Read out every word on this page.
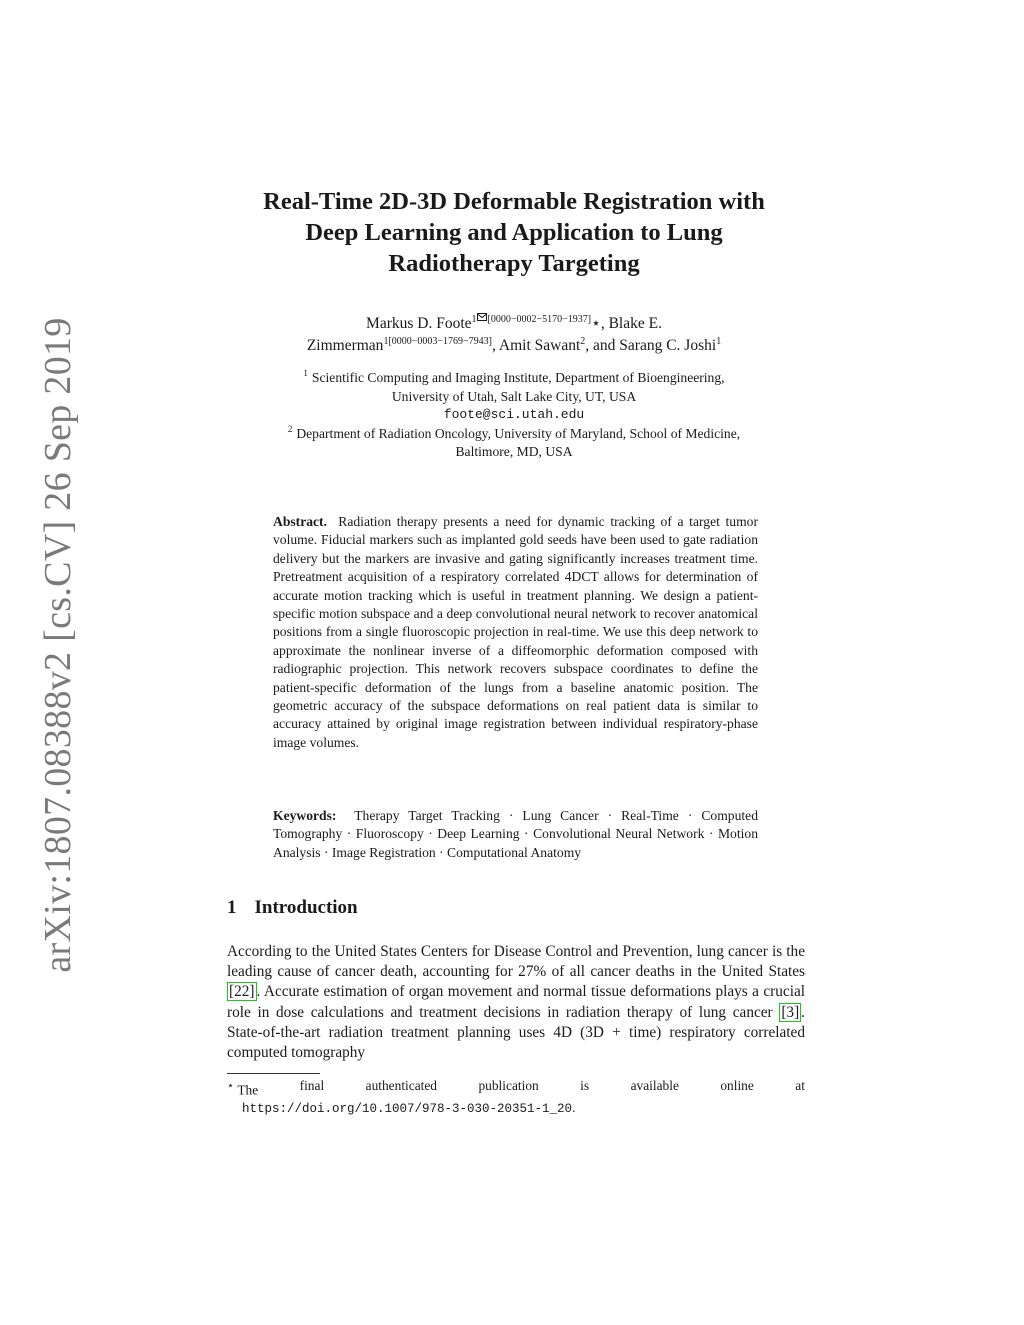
arXiv:1807.08388v2 [cs.CV] 26 Sep 2019
Real-Time 2D-3D Deformable Registration with
Deep Learning and Application to Lung
Radiotherapy Targeting
Markus D. Foote$^{1 [0000-0002-5170-1937]}$⋆, Blake E.
Zimmerman$^{1[0000-0003-1769-7943]}$, Amit Sawant$^2$, and Sarang C. Joshi$^1$
$^1$ Scientific Computing and Imaging Institute, Department of Bioengineering,
University of Utah, Salt Lake City, UT, USA
foote@sci.utah.edu
$^2$ Department of Radiation Oncology, University of Maryland, School of Medicine,
Baltimore, MD, USA
Abstract. Radiation therapy presents a need for dynamic tracking of a target tumor volume. Fiducial markers such as implanted gold seeds have been used to gate radiation delivery but the markers are invasive and gating significantly increases treatment time. Pretreatment acquisition of a respiratory correlated 4DCT allows for determination of accurate motion tracking which is useful in treatment planning. We design a patient-specific motion subspace and a deep convolutional neural network to recover anatomical positions from a single fluoroscopic projection in real-time. We use this deep network to approximate the nonlinear inverse of a diffeomorphic deformation composed with radiographic projection. This network recovers subspace coordinates to define the patient-specific deformation of the lungs from a baseline anatomic position. The geometric accuracy of the subspace deformations on real patient data is similar to accuracy attained by original image registration between individual respiratory-phase image volumes.
Keywords: Therapy Target Tracking · Lung Cancer · Real-Time · Computed Tomography · Fluoroscopy · Deep Learning · Convolutional Neural Network · Motion Analysis · Image Registration · Computational Anatomy
1 Introduction
According to the United States Centers for Disease Control and Prevention, lung cancer is the leading cause of cancer death, accounting for 27% of all cancer deaths in the United States [22] . Accurate estimation of organ movement and normal tissue deformations plays a crucial role in dose calculations and treatment decisions in radiation therapy of lung cancer [3] . State-of-the-art radiation treatment planning uses 4D (3D + time) respiratory correlated computed tomography
⋆ The	final	authenticated	publication	is	available	online	at
https://doi.org/10.1007/978-3-030-20351-1_20.
